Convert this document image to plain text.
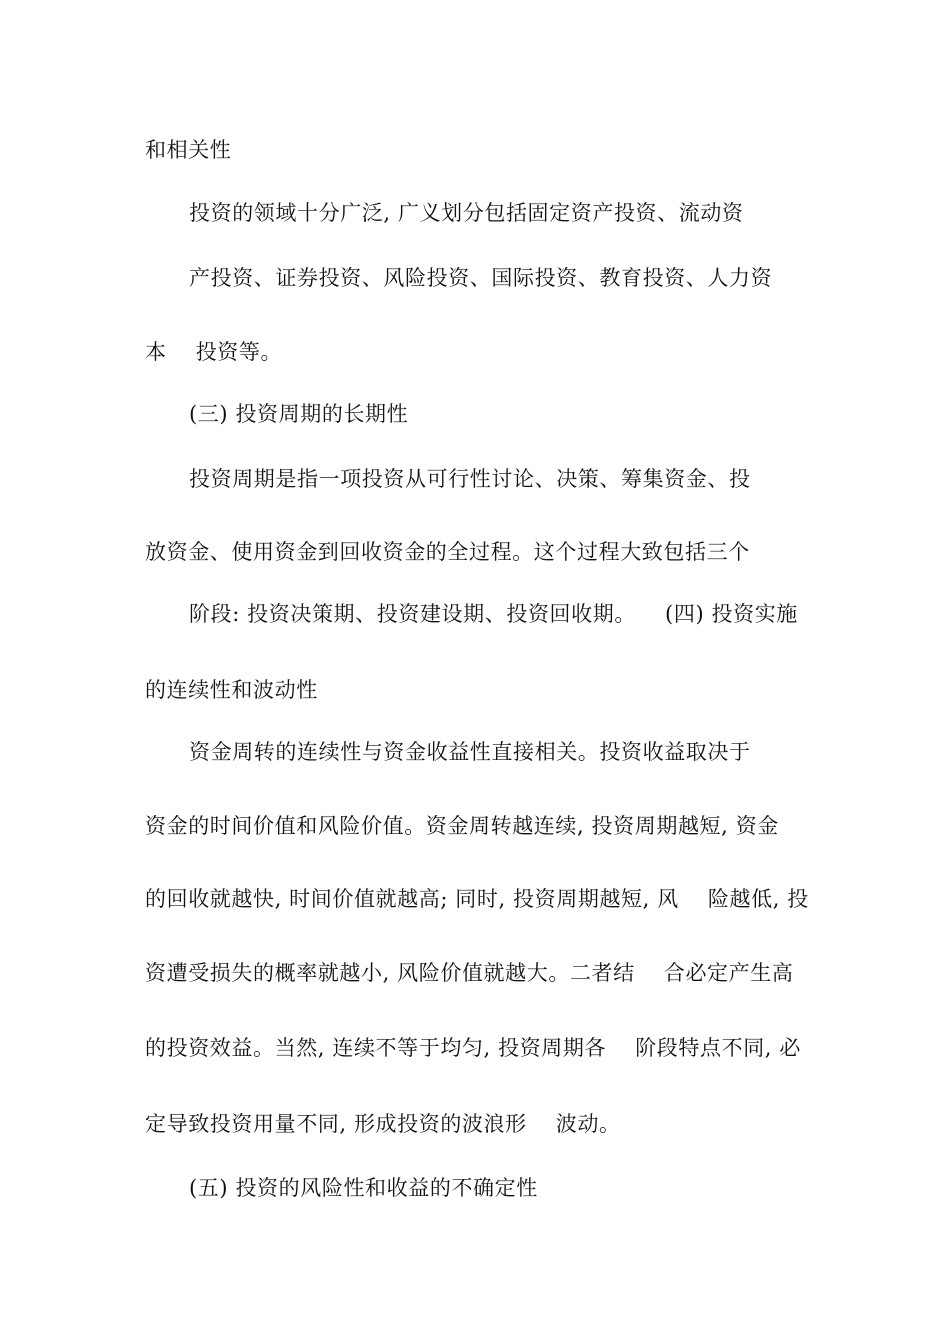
和相关性
投资的领域十分广泛, 广义划分包括固定资产投资、流动资
产投资、证券投资、风险投资、国际投资、教育投资、人力资
本    投资等。
(三) 投资周期的长期性
投资周期是指一项投资从可行性讨论、决策、筹集资金、投
放资金、使用资金到回收资金的全过程。这个过程大致包括三个
阶段: 投资决策期、投资建设期、投资回收期。    (四) 投资实施
的连续性和波动性
资金周转的连续性与资金收益性直接相关。投资收益取决于
资金的时间价值和风险价值。资金周转越连续, 投资周期越短, 资金
的回收就越快, 时间价值就越高; 同时, 投资周期越短, 风    险越低, 投
资遭受损失的概率就越小, 风险价值就越大。二者结    合必定产生高
的投资效益。当然, 连续不等于均匀, 投资周期各    阶段特点不同, 必
定导致投资用量不同, 形成投资的波浪形    波动。
(五) 投资的风险性和收益的不确定性
